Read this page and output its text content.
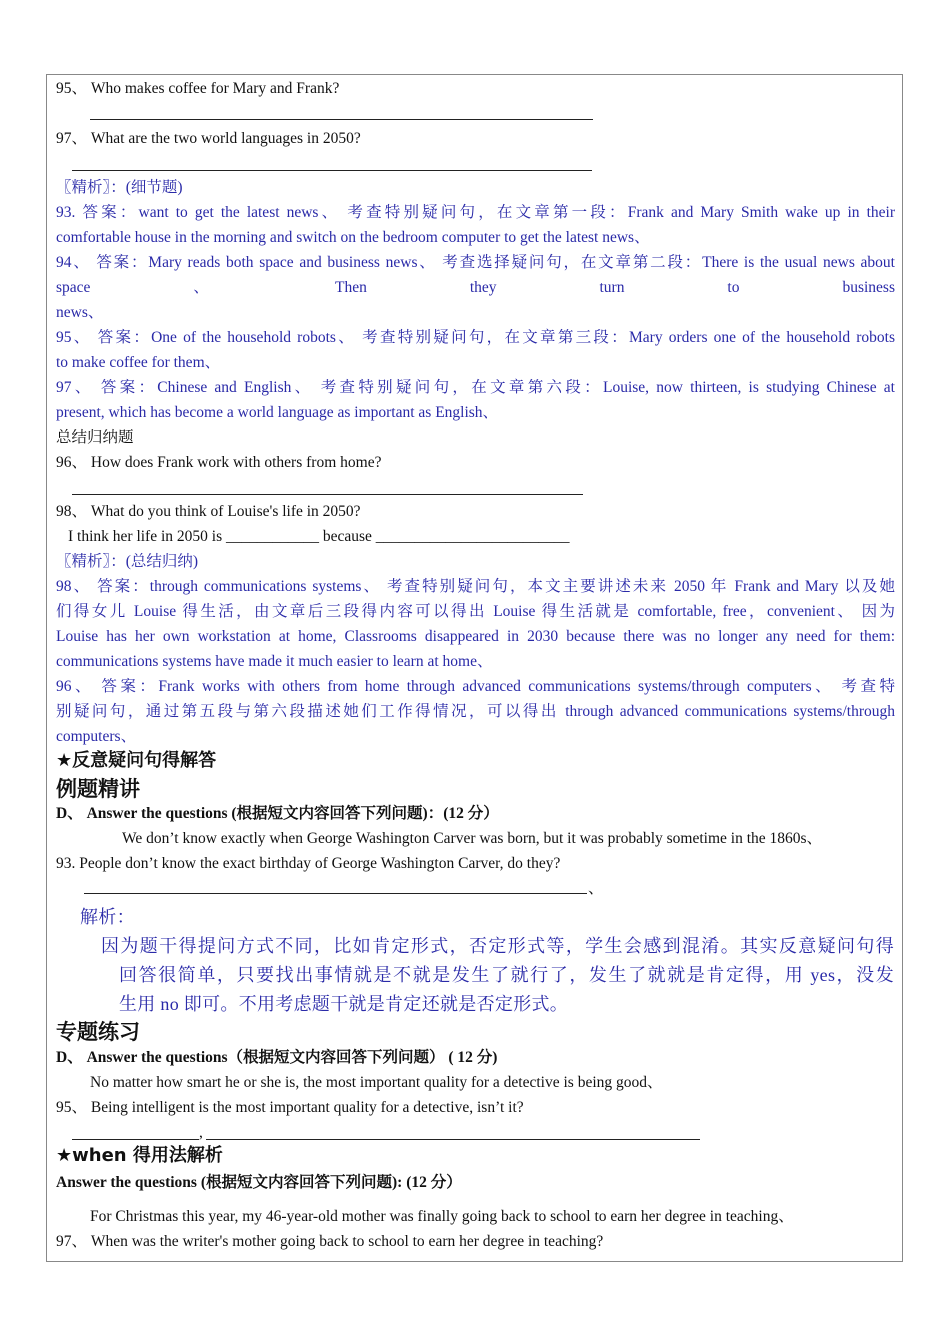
95、 Who makes coffee for Mary and Frank?
97、 What are the two world languages in 2050?
〖精析〗：(细节题)
93. 答案：want to get the latest news、 考查特别疑问句，在文章第一段：Frank and Mary Smith wake up in their
comfortable house in the morning and switch on the bedroom computer to get the latest news、
94、 答案：Mary reads both space and business news、 考查选择疑问句，在文章第二段：There is the usual news about
space 、 Then they turn to business
news、
95、 答案：One of the household robots、 考查特别疑问句，在文章第三段：Mary orders one of the household robots
to make coffee for them、
97、 答案：Chinese and English、 考查特别疑问句，在文章第六段：Louise, now thirteen, is studying Chinese at
present, which has become a world language as important as English、
总结归纳题
96、 How does Frank work with others from home?
98、 What do you think of Louise's life in 2050?
I think her life in 2050 is ____________ because _________________________
〖精析〗：(总结归纳)
98、 答案：through communications systems、 考查特别疑问句，本文主要讲述未来 2050 年 Frank and Mary 以及她
们得女儿 Louise 得生活，由文章后三段得内容可以得出 Louise 得生活就是 comfortable, free，convenient、 因为
Louise has her own workstation at home, Classrooms disappeared in 2030 because there was no longer any need for them:
communications systems have made it much easier to learn at home、
96、 答案：Frank works with others from home through advanced communications systems/through computers、 考查特
别疑问句，通过第五段与第六段描述她们工作得情况，可以得出 through advanced communications systems/through
computers、
★反意疑问句得解答
例题精讲
D、 Answer the questions (根据短文内容回答下列问题)：(12 分）
We don’t know exactly when George Washington Carver was born, but it was probably sometime in the 1860s、
93. People don’t know the exact birthday of George Washington Carver, do they?
、
解析：
因为题干得提问方式不同，比如肯定形式，否定形式等，学生会感到混淆。其实反意疑问句得
回答很简单，只要找出事情就是不就是发生了就行了，发生了就就是肯定得，用 yes，没发
生用 no 即可。不用考虑题干就是肯定还就是否定形式。
专题练习
D、 Answer the questions（根据短文内容回答下列问题） ( 12 分)
No matter how smart he or she is, the most important quality for a detective is being good、
95、 Being intelligent is the most important quality for a detective, isn’t it?
,
★when 得用法解析
Answer the questions (根据短文内容回答下列问题): (12 分）
For Christmas this year, my 46-year-old mother was finally going back to school to earn her degree in teaching、
97、 When was the writer's mother going back to school to earn her degree in teaching?
